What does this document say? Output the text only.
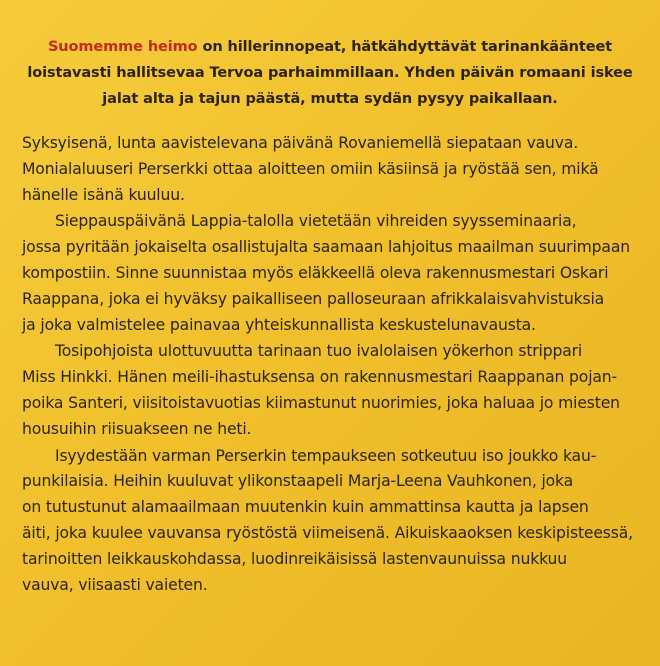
Suomemme heimo on hillerinnopeat, hätkähdyttävät tarinankäänteet
loistavasti hallitsevaa Tervoa parhaimmillaan. Yhden päivän romaani iskee
jalat alta ja tajun päästä, mutta sydän pysyy paikallaan.

Syksyisenä, lunta aavistelevana päivänä Rovaniemellä siepataan vauva.
Monialaluuseri Perserkki ottaa aloitteen omiin käsiinsä ja ryöstää sen, mikä
hänelle isänä kuuluu.

Sieppauspäivänä Lappia-talolla vietetään vihreiden syysseminaaria,
jossa pyritään jokaiselta osallistujalta saamaan lahjoitus maailman suurimpaan
kompostiin. Sinne suunnistaa myös eläkkeellä oleva rakennusmestari Oskari
Raappana, joka ei hyväksy paikalliseen palloseuraan afrikkalaisvahvistuksia
ja joka valmistelee painavaa yhteiskunnallista keskustelunavausta.

Tosipohjoista ulottuvuutta tarinaan tuo ivalolaisen yökerhon strippari
Miss Hinkki. Hänen meili-ihastuksensa on rakennusmestari Raappanan pojan-
poika Santeri, viisitoistavuotias kiimastunut nuorimies, joka haluaa jo miesten
housuihin riisuakseen ne heti.

Isyydestään varman Perserkin tempaukseen sotkeutuu iso joukko kau-
punkilaisia. Heihin kuuluvat ylikonstaapeli Marja-Leena Vauhkonen, joka
on tutustunut alamaailmaan muutenkin kuin ammattinsa kautta ja lapsen
äiti, joka kuulee vauvansa ryöstöstä viimeisenä. Aikuiskaaoksen keskipisteessä,
tarinoitten leikkauskohdassa, luodinreikäisissä lastenvaunuissa nukkuu
vauva, viisaasti vaieten.
